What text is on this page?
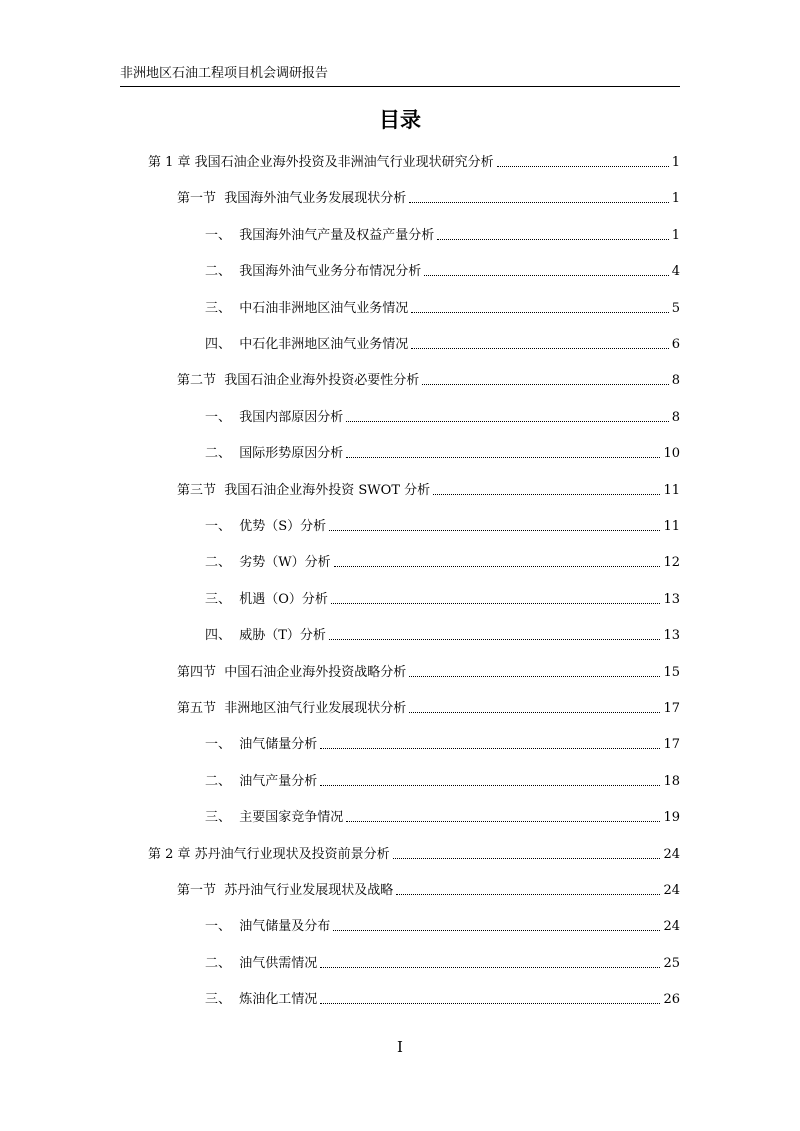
非洲地区石油工程项目机会调研报告
目录
第 1 章 我国石油企业海外投资及非洲油气行业现状研究分析	1
第一节  我国海外油气业务发展现状分析	1
一、  我国海外油气产量及权益产量分析	1
二、  我国海外油气业务分布情况分析	4
三、  中石油非洲地区油气业务情况	5
四、  中石化非洲地区油气业务情况	6
第二节  我国石油企业海外投资必要性分析	8
一、  我国内部原因分析	8
二、  国际形势原因分析	10
第三节  我国石油企业海外投资 SWOT 分析	11
一、  优势（S）分析	11
二、  劣势（W）分析	12
三、  机遇（O）分析	13
四、  威胁（T）分析	13
第四节  中国石油企业海外投资战略分析	15
第五节  非洲地区油气行业发展现状分析	17
一、  油气储量分析	17
二、  油气产量分析	18
三、  主要国家竞争情况	19
第 2 章 苏丹油气行业现状及投资前景分析	24
第一节  苏丹油气行业发展现状及战略	24
一、  油气储量及分布	24
二、  油气供需情况	25
三、  炼油化工情况	26
I
